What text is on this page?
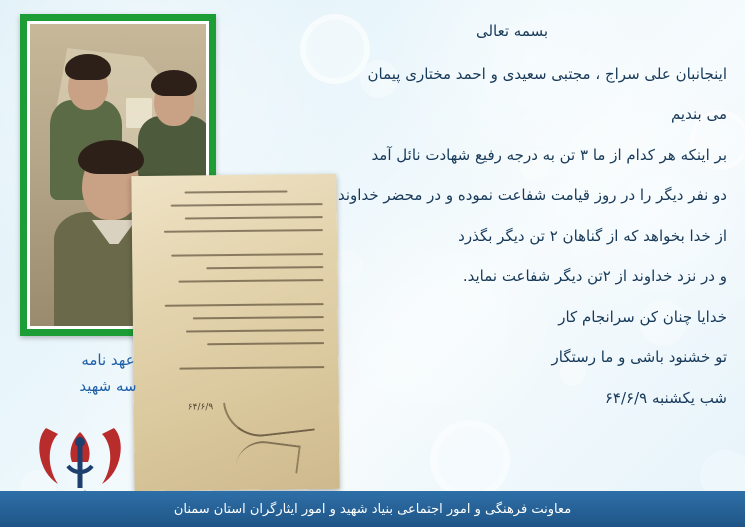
۶۴/۶/۹
عهد نامه
سه شهید
بسمه تعالی
اینجانبان علی سراج ، مجتبی سعیدی و احمد مختاری پیمان
می بندیم
بر اینکه هر کدام از ما ۳ تن به درجه رفیع شهادت نائل آمد
دو نفر دیگر را در روز قیامت شفاعت نموده و در محضر خداوند
از خدا بخواهد که از گناهان ۲ تن دیگر بگذرد
و در نزد خداوند از ۲تن دیگر شفاعت نماید.
خدایا چنان کن سرانجام کار
تو خشنود باشی و ما رستگار
شب یکشنبه ۶۴/۶/۹
معاونت فرهنگی و امور اجتماعی بنیاد شهید و امور ایثارگران استان سمنان
